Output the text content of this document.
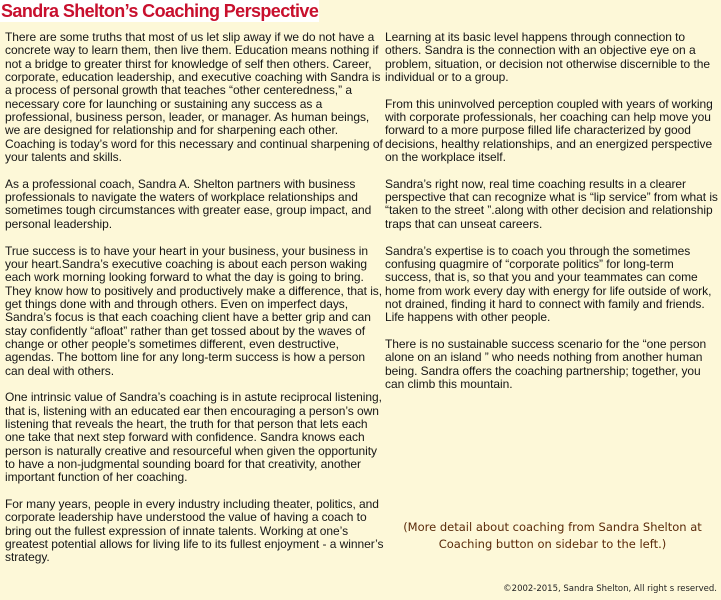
Sandra Shelton’s Coaching Perspective

There are some truths that most of us let slip away if we do not have a concrete way to learn them, then live them. Education means nothing if not a bridge to greater thirst for knowledge of self then others. Career, corporate, education leadership, and executive coaching with Sandra is a process of personal growth that teaches “other centeredness,” a necessary core for launching or sustaining any success as a professional, business person, leader, or manager. As human beings, we are designed for relationship and for sharpening each other. Coaching is today’s word for this necessary and continual sharpening of your talents and skills.

As a professional coach, Sandra A. Shelton partners with business professionals to navigate the waters of workplace relationships and sometimes tough circumstances with greater ease, group impact, and personal leadership.

True success is to have your heart in your business, your business in your heart.Sandra’s executive coaching is about each person waking each work morning looking forward to what the day is going to bring. They know how to positively and productively make a difference, that is, get things done with and through others. Even on imperfect days, Sandra’s focus is that each coaching client have a better grip and can stay confidently “afloat” rather than get tossed about by the waves of change or other people’s sometimes different, even destructive, agendas. The bottom line for any long-term success is how a person can deal with others.

One intrinsic value of Sandra’s coaching is in astute reciprocal listening, that is, listening with an educated ear then encouraging a person’s own listening that reveals the heart, the truth for that person that lets each one take that next step forward with confidence. Sandra knows each person is naturally creative and resourceful when given the opportunity to have a non-judgmental sounding board for that creativity, another important function of her coaching.

For many years, people in every industry including theater, politics, and corporate leadership have understood the value of having a coach to bring out the fullest expression of innate talents. Working at one’s greatest potential allows for living life to its fullest enjoyment - a winner’s strategy.

Learning at its basic level happens through connection to others. Sandra is the connection with an objective eye on a problem, situation, or decision not otherwise discernible to the individual or to a group.

From this uninvolved perception coupled with years of working with corporate professionals, her coaching can help move you forward to a more purpose filled life characterized by good decisions, healthy relationships, and an energized perspective on the workplace itself.

Sandra’s right now, real time coaching results in a clearer perspective that can recognize what is “lip service” from what is “taken to the street ”.along with other decision and relationship traps that can unseat careers.

Sandra’s expertise is to coach you through the sometimes confusing quagmire of “corporate politics” for long-term success, that is, so that you and your teammates can come home from work every day with energy for life outside of work, not drained, finding it hard to connect with family and friends. Life happens with other people.

There is no sustainable success scenario for the “one person alone on an island ” who needs nothing from another human being. Sandra offers the coaching partnership; together, you can climb this mountain.

(More detail about coaching from Sandra Shelton at
Coaching button on sidebar to the left.)
©2002-2015, Sandra Shelton, All right s reserved.
